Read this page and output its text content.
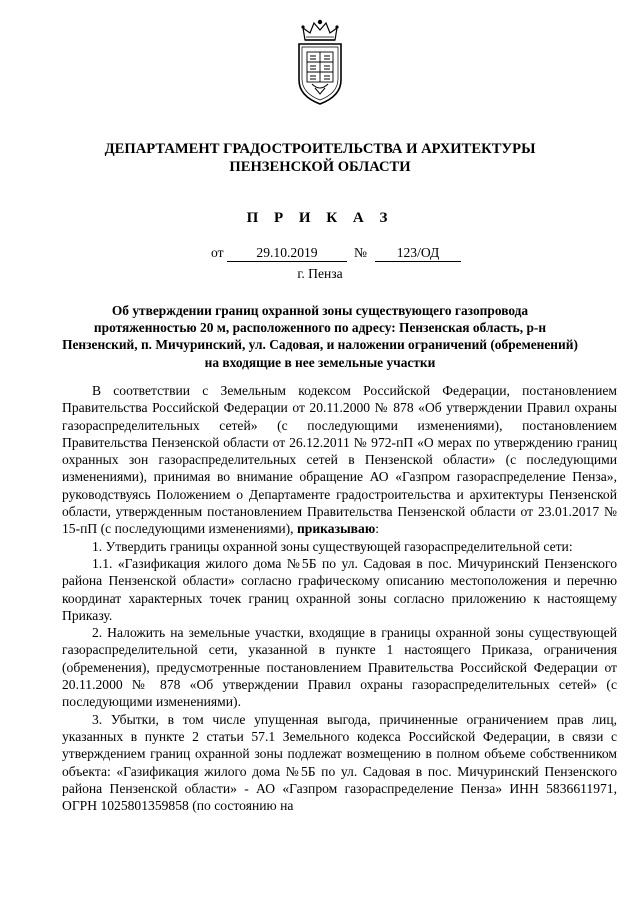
ДЕПАРТАМЕНТ ГРАДОСТРОИТЕЛЬСТВА И АРХИТЕКТУРЫ
ПЕНЗЕНСКОЙ ОБЛАСТИ
П Р И К А З
от	29.10.2019	№	123/ОД
г. Пенза
Об утверждении границ охранной зоны существующего газопровода протяженностью 20 м, расположенного по адресу: Пензенская область, р-н Пензенский, п. Мичуринский, ул. Садовая, и наложении ограничений (обременений) на входящие в нее земельные участки

В соответствии с Земельным кодексом Российской Федерации, постановлением Правительства Российской Федерации от 20.11.2000 № 878 «Об утверждении Правил охраны газораспределительных сетей» (с последующими изменениями), постановлением Правительства Пензенской области от 26.12.2011 № 972-пП «О мерах по утверждению границ охранных зон газораспределительных сетей в Пензенской области» (с последующими изменениями), принимая во внимание обращение АО «Газпром газораспределение Пенза», руководствуясь Положением о Департаменте градостроительства и архитектуры Пензенской области, утвержденным постановлением Правительства Пензенской области от 23.01.2017 № 15-пП (с последующими изменениями), приказываю:

1. Утвердить границы охранной зоны существующей газораспределительной сети:

1.1. «Газификация жилого дома №5Б по ул. Садовая в пос. Мичуринский Пензенского района Пензенской области» согласно графическому описанию местоположения и перечню координат характерных точек границ охранной зоны согласно приложению к настоящему Приказу.

2. Наложить на земельные участки, входящие в границы охранной зоны существующей газораспределительной сети, указанной в пункте 1 настоящего Приказа, ограничения (обременения), предусмотренные постановлением Правительства Российской Федерации от 20.11.2000 № 878 «Об утверждении Правил охраны газораспределительных сетей» (с последующими изменениями).

3. Убытки, в том числе упущенная выгода, причиненные ограничением прав лиц, указанных в пункте 2 статьи 57.1 Земельного кодекса Российской Федерации, в связи с утверждением границ охранной зоны подлежат возмещению в полном объеме собственником объекта: «Газификация жилого дома №5Б по ул. Садовая в пос. Мичуринский Пензенского района Пензенской области» - АО «Газпром газораспределение Пенза» ИНН 5836611971, ОГРН 1025801359858 (по состоянию на
